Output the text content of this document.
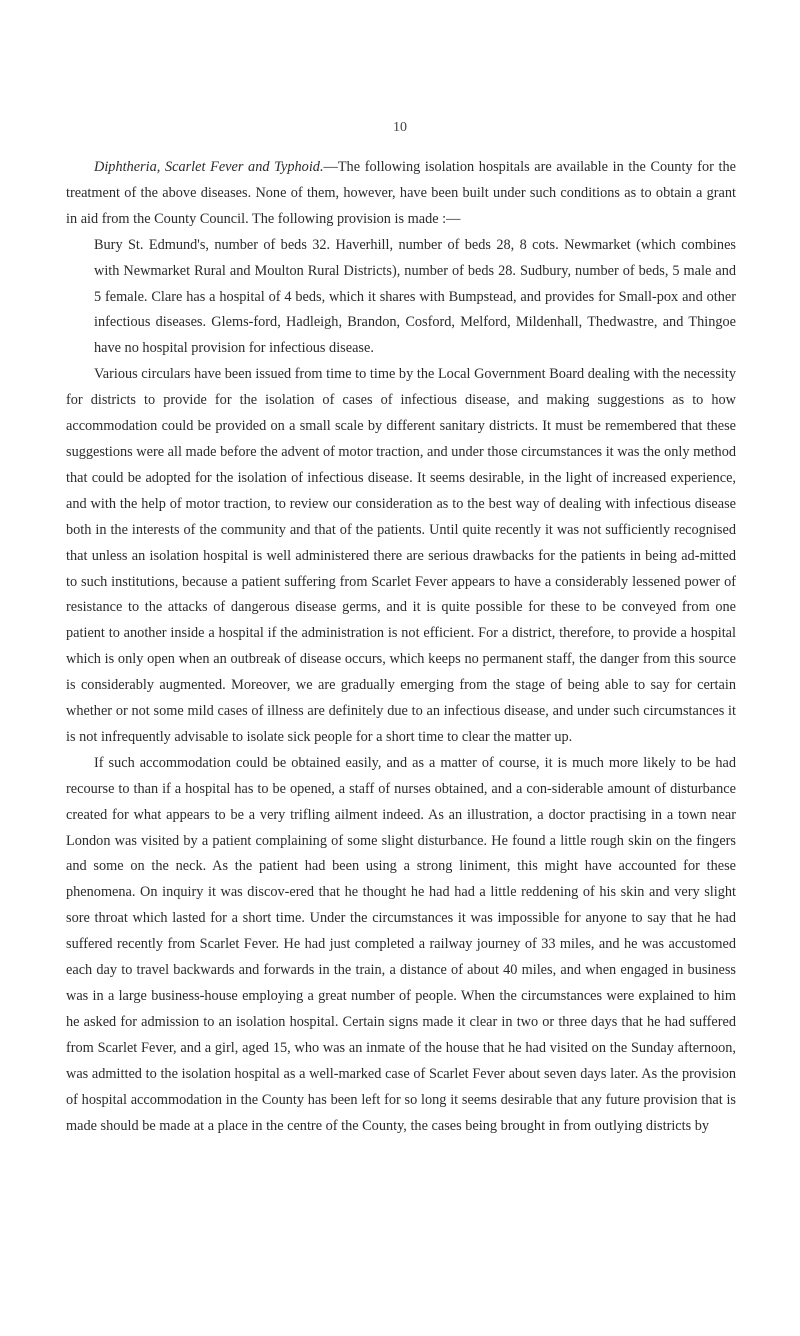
10

Diphtheria, Scarlet Fever and Typhoid.—The following isolation hospitals are available in the County for the treatment of the above diseases. None of them, however, have been built under such conditions as to obtain a grant in aid from the County Council. The following provision is made :—

Bury St. Edmund's, number of beds 32. Haverhill, number of beds 28, 8 cots. Newmarket (which combines with Newmarket Rural and Moulton Rural Districts), number of beds 28. Sudbury, number of beds, 5 male and 5 female. Clare has a hospital of 4 beds, which it shares with Bumpstead, and provides for Small-pox and other infectious diseases. Glems-ford, Hadleigh, Brandon, Cosford, Melford, Mildenhall, Thedwastre, and Thingoe have no hospital provision for infectious disease.

Various circulars have been issued from time to time by the Local Government Board dealing with the necessity for districts to provide for the isolation of cases of infectious disease, and making suggestions as to how accommodation could be provided on a small scale by different sanitary districts. It must be remembered that these suggestions were all made before the advent of motor traction, and under those circumstances it was the only method that could be adopted for the isolation of infectious disease. It seems desirable, in the light of increased experience, and with the help of motor traction, to review our consideration as to the best way of dealing with infectious disease both in the interests of the community and that of the patients. Until quite recently it was not sufficiently recognised that unless an isolation hospital is well administered there are serious drawbacks for the patients in being ad-mitted to such institutions, because a patient suffering from Scarlet Fever appears to have a considerably lessened power of resistance to the attacks of dangerous disease germs, and it is quite possible for these to be conveyed from one patient to another inside a hospital if the administration is not efficient. For a district, therefore, to provide a hospital which is only open when an outbreak of disease occurs, which keeps no permanent staff, the danger from this source is considerably augmented. Moreover, we are gradually emerging from the stage of being able to say for certain whether or not some mild cases of illness are definitely due to an infectious disease, and under such circumstances it is not infrequently advisable to isolate sick people for a short time to clear the matter up.

If such accommodation could be obtained easily, and as a matter of course, it is much more likely to be had recourse to than if a hospital has to be opened, a staff of nurses obtained, and a con-siderable amount of disturbance created for what appears to be a very trifling ailment indeed. As an illustration, a doctor practising in a town near London was visited by a patient complaining of some slight disturbance. He found a little rough skin on the fingers and some on the neck. As the patient had been using a strong liniment, this might have accounted for these phenomena. On inquiry it was discov-ered that he thought he had had a little reddening of his skin and very slight sore throat which lasted for a short time. Under the circumstances it was impossible for anyone to say that he had suffered recently from Scarlet Fever. He had just completed a railway journey of 33 miles, and he was accustomed each day to travel backwards and forwards in the train, a distance of about 40 miles, and when engaged in business was in a large business-house employing a great number of people. When the circumstances were explained to him he asked for admission to an isolation hospital. Certain signs made it clear in two or three days that he had suffered from Scarlet Fever, and a girl, aged 15, who was an inmate of the house that he had visited on the Sunday afternoon, was admitted to the isolation hospital as a well-marked case of Scarlet Fever about seven days later. As the provision of hospital accommodation in the County has been left for so long it seems desirable that any future provision that is made should be made at a place in the centre of the County, the cases being brought in from outlying districts by
